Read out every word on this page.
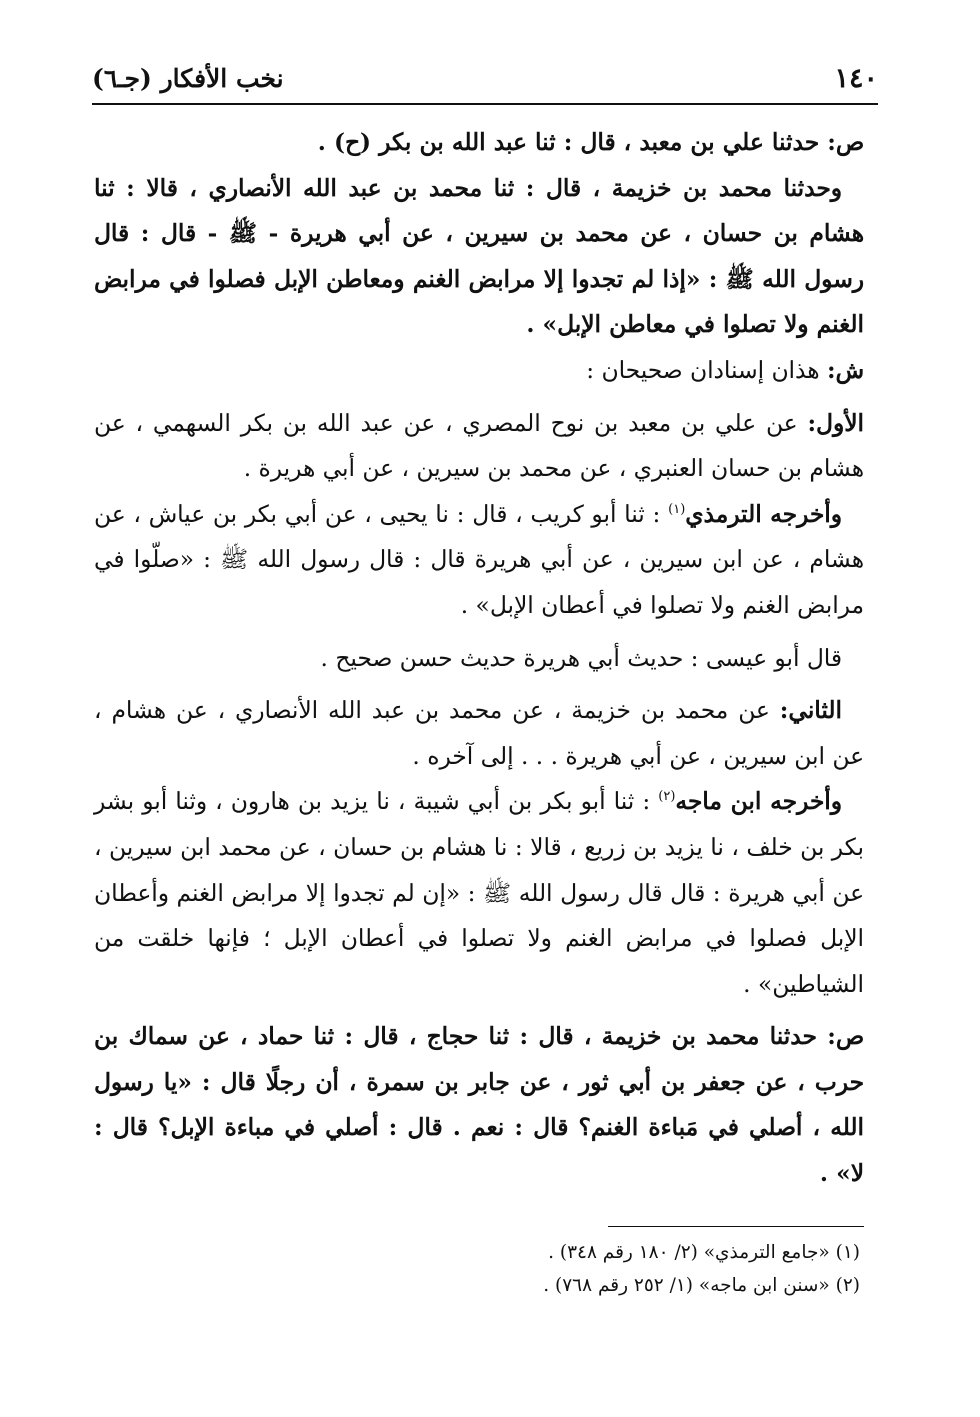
١٤٠
نخب الأفكار (جـ٦)

ص: حدثنا علي بن معبد ، قال : ثنا عبد الله بن بكر (ح) .

وحدثنا محمد بن خزيمة ، قال : ثنا محمد بن عبد الله الأنصاري ، قالا : ثنا هشام بن حسان ، عن محمد بن سيرين ، عن أبي هريرة - ﷺ - قال : قال رسول الله ﷺ : «إذا لم تجدوا إلا مرابض الغنم ومعاطن الإبل فصلوا في مرابض الغنم ولا تصلوا في معاطن الإبل» .

ش: هذان إسنادان صحيحان :

الأول: عن علي بن معبد بن نوح المصري ، عن عبد الله بن بكر السهمي ، عن هشام بن حسان العنبري ، عن محمد بن سيرين ، عن أبي هريرة .

وأخرجه الترمذي$^{(١)}$ : ثنا أبو كريب ، قال : نا يحيى ، عن أبي بكر بن عياش ، عن هشام ، عن ابن سيرين ، عن أبي هريرة قال : قال رسول الله ﷺ : «صلّوا في مرابض الغنم ولا تصلوا في أعطان الإبل» .

قال أبو عيسى : حديث أبي هريرة حديث حسن صحيح .

الثاني: عن محمد بن خزيمة ، عن محمد بن عبد الله الأنصاري ، عن هشام ، عن ابن سيرين ، عن أبي هريرة . . . إلى آخره .

وأخرجه ابن ماجه$^{(٢)}$ : ثنا أبو بكر بن أبي شيبة ، نا يزيد بن هارون ، وثنا أبو بشر بكر بن خلف ، نا يزيد بن زريع ، قالا : نا هشام بن حسان ، عن محمد ابن سيرين ، عن أبي هريرة : قال قال رسول الله ﷺ : «إن لم تجدوا إلا مرابض الغنم وأعطان الإبل فصلوا في مرابض الغنم ولا تصلوا في أعطان الإبل ؛ فإنها خلقت من الشياطين» .

ص: حدثنا محمد بن خزيمة ، قال : ثنا حجاج ، قال : ثنا حماد ، عن سماك بن حرب ، عن جعفر بن أبي ثور ، عن جابر بن سمرة ، أن رجلًا قال : «يا رسول الله ، أصلي في مَباءة الغنم؟ قال : نعم . قال : أصلي في مباءة الإبل؟ قال : لا» .

(١) «جامع الترمذي» (٢/ ١٨٠ رقم ٣٤٨) .

(٢) «سنن ابن ماجه» (١/ ٢٥٢ رقم ٧٦٨) .
